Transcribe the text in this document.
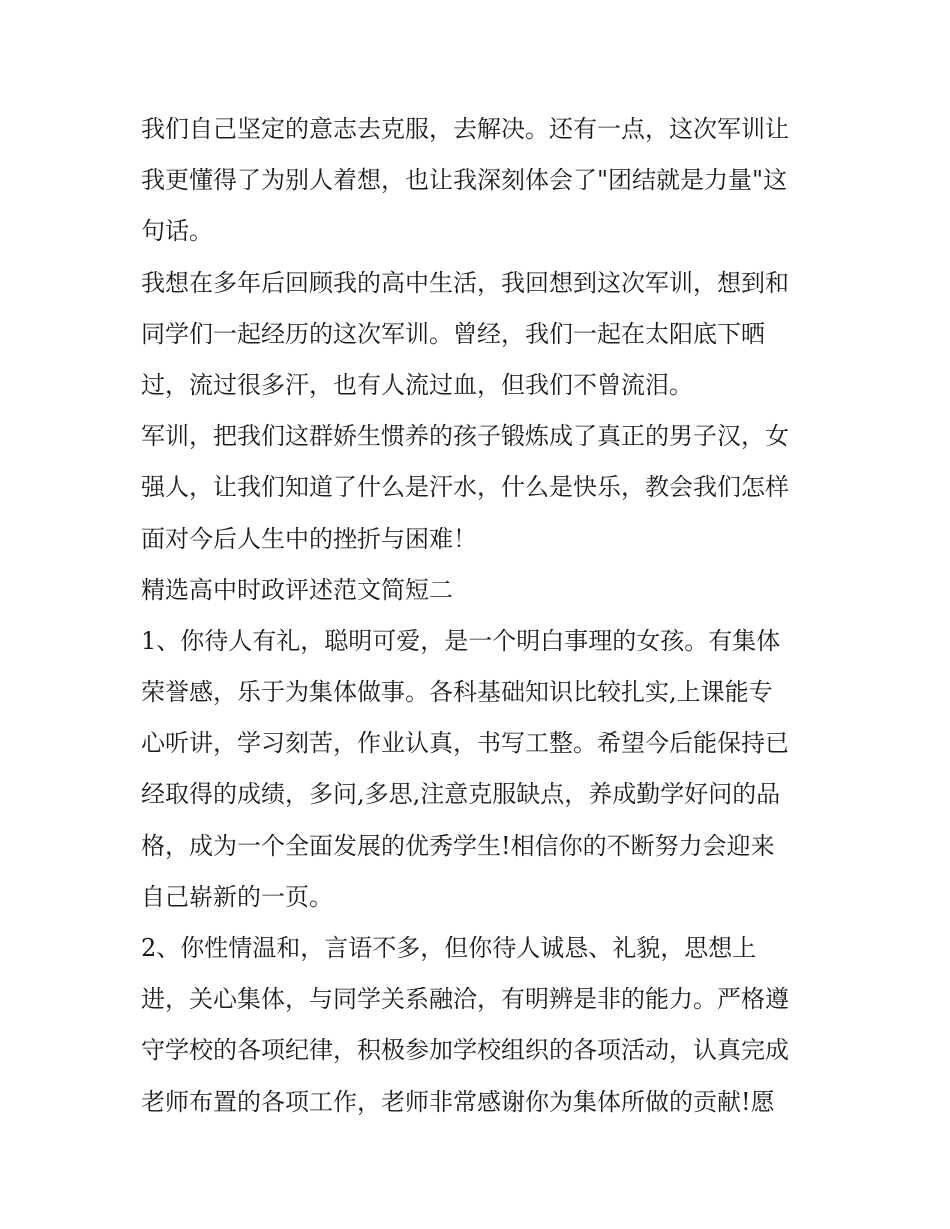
我们自己坚定的意志去克服，去解决。还有一点，这次军训让
我更懂得了为别人着想，也让我深刻体会了"团结就是力量"这
句话。
我想在多年后回顾我的高中生活，我回想到这次军训，想到和
同学们一起经历的这次军训。曾经，我们一起在太阳底下晒
过，流过很多汗，也有人流过血，但我们不曾流泪。
军训，把我们这群娇生惯养的孩子锻炼成了真正的男子汉，女
强人，让我们知道了什么是汗水，什么是快乐，教会我们怎样
面对今后人生中的挫折与困难！
精选高中时政评述范文简短二
1、你待人有礼，聪明可爱，是一个明白事理的女孩。有集体
荣誉感，乐于为集体做事。各科基础知识比较扎实,上课能专
心听讲，学习刻苦，作业认真，书写工整。希望今后能保持已
经取得的成绩，多问,多思,注意克服缺点，养成勤学好问的品
格，成为一个全面发展的优秀学生!相信你的不断努力会迎来
自己崭新的一页。
2、你性情温和，言语不多，但你待人诚恳、礼貌，思想上
进，关心集体，与同学关系融洽，有明辨是非的能力。严格遵
守学校的各项纪律，积极参加学校组织的各项活动，认真完成
老师布置的各项工作，老师非常感谢你为集体所做的贡献!愿
